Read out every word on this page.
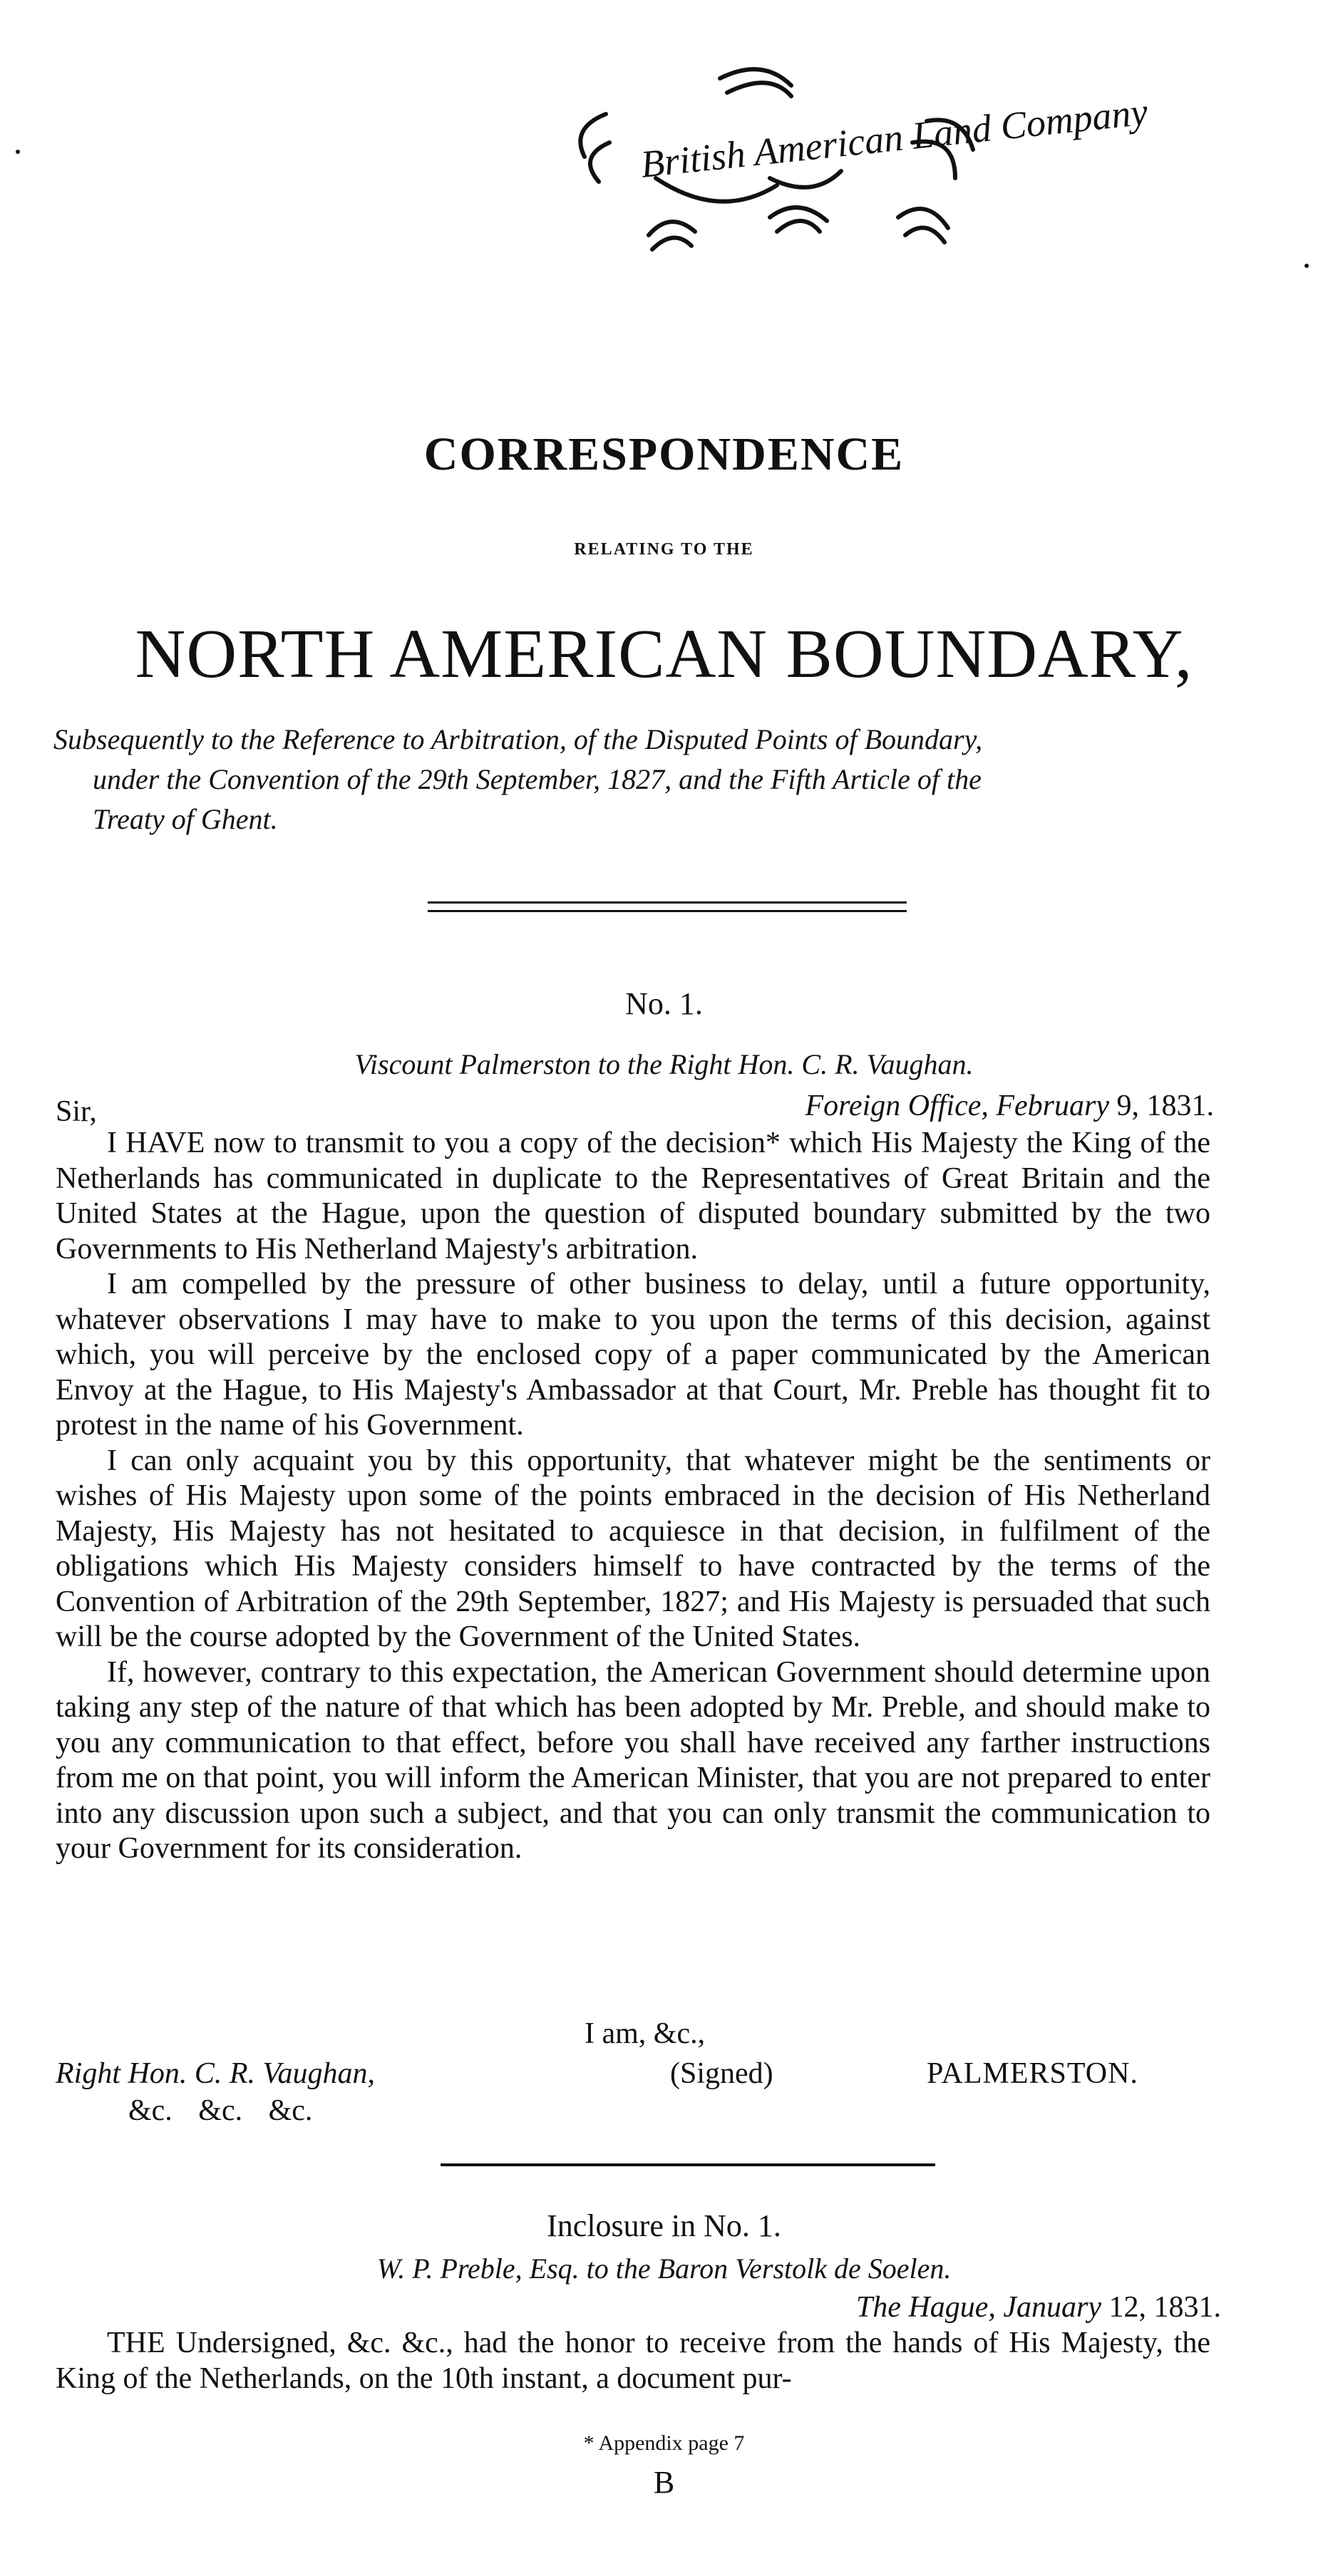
British American Land Company
CORRESPONDENCE
RELATING TO THE
NORTH AMERICAN BOUNDARY,
Subsequently to the Reference to Arbitration, of the Disputed Points of Boundary,
under the Convention of the 29th September, 1827, and the Fifth Article of the
Treaty of Ghent.
No. 1.
Viscount Palmerston to the Right Hon. C. R. Vaughan.
Sir,	Foreign Office, February 9, 1831.

I HAVE now to transmit to you a copy of the decision* which His Majesty the King of the Netherlands has communicated in duplicate to the Representatives of Great Britain and the United States at the Hague, upon the question of disputed boundary submitted by the two Governments to His Netherland Majesty's arbitration.

I am compelled by the pressure of other business to delay, until a future opportunity, whatever observations I may have to make to you upon the terms of this decision, against which, you will perceive by the enclosed copy of a paper communicated by the American Envoy at the Hague, to His Majesty's Ambassador at that Court, Mr. Preble has thought fit to protest in the name of his Government.

I can only acquaint you by this opportunity, that whatever might be the sentiments or wishes of His Majesty upon some of the points embraced in the decision of His Netherland Majesty, His Majesty has not hesitated to acquiesce in that decision, in fulfilment of the obligations which His Majesty considers himself to have contracted by the terms of the Convention of Arbitration of the 29th September, 1827; and His Majesty is persuaded that such will be the course adopted by the Government of the United States.

If, however, contrary to this expectation, the American Government should determine upon taking any step of the nature of that which has been adopted by Mr. Preble, and should make to you any communication to that effect, before you shall have received any farther instructions from me on that point, you will inform the American Minister, that you are not prepared to enter into any discussion upon such a subject, and that you can only transmit the communication to your Government for its consideration.

I am, &c.,
Right Hon. C. R. Vaughan,
&c. &c. &c.
(Signed)	PALMERSTON.
Inclosure in No. 1.
W. P. Preble, Esq. to the Baron Verstolk de Soelen.
The Hague, January 12, 1831.

THE Undersigned, &c. &c., had the honor to receive from the hands of His Majesty, the King of the Netherlands, on the 10th instant, a document pur-

* Appendix page 7
B
